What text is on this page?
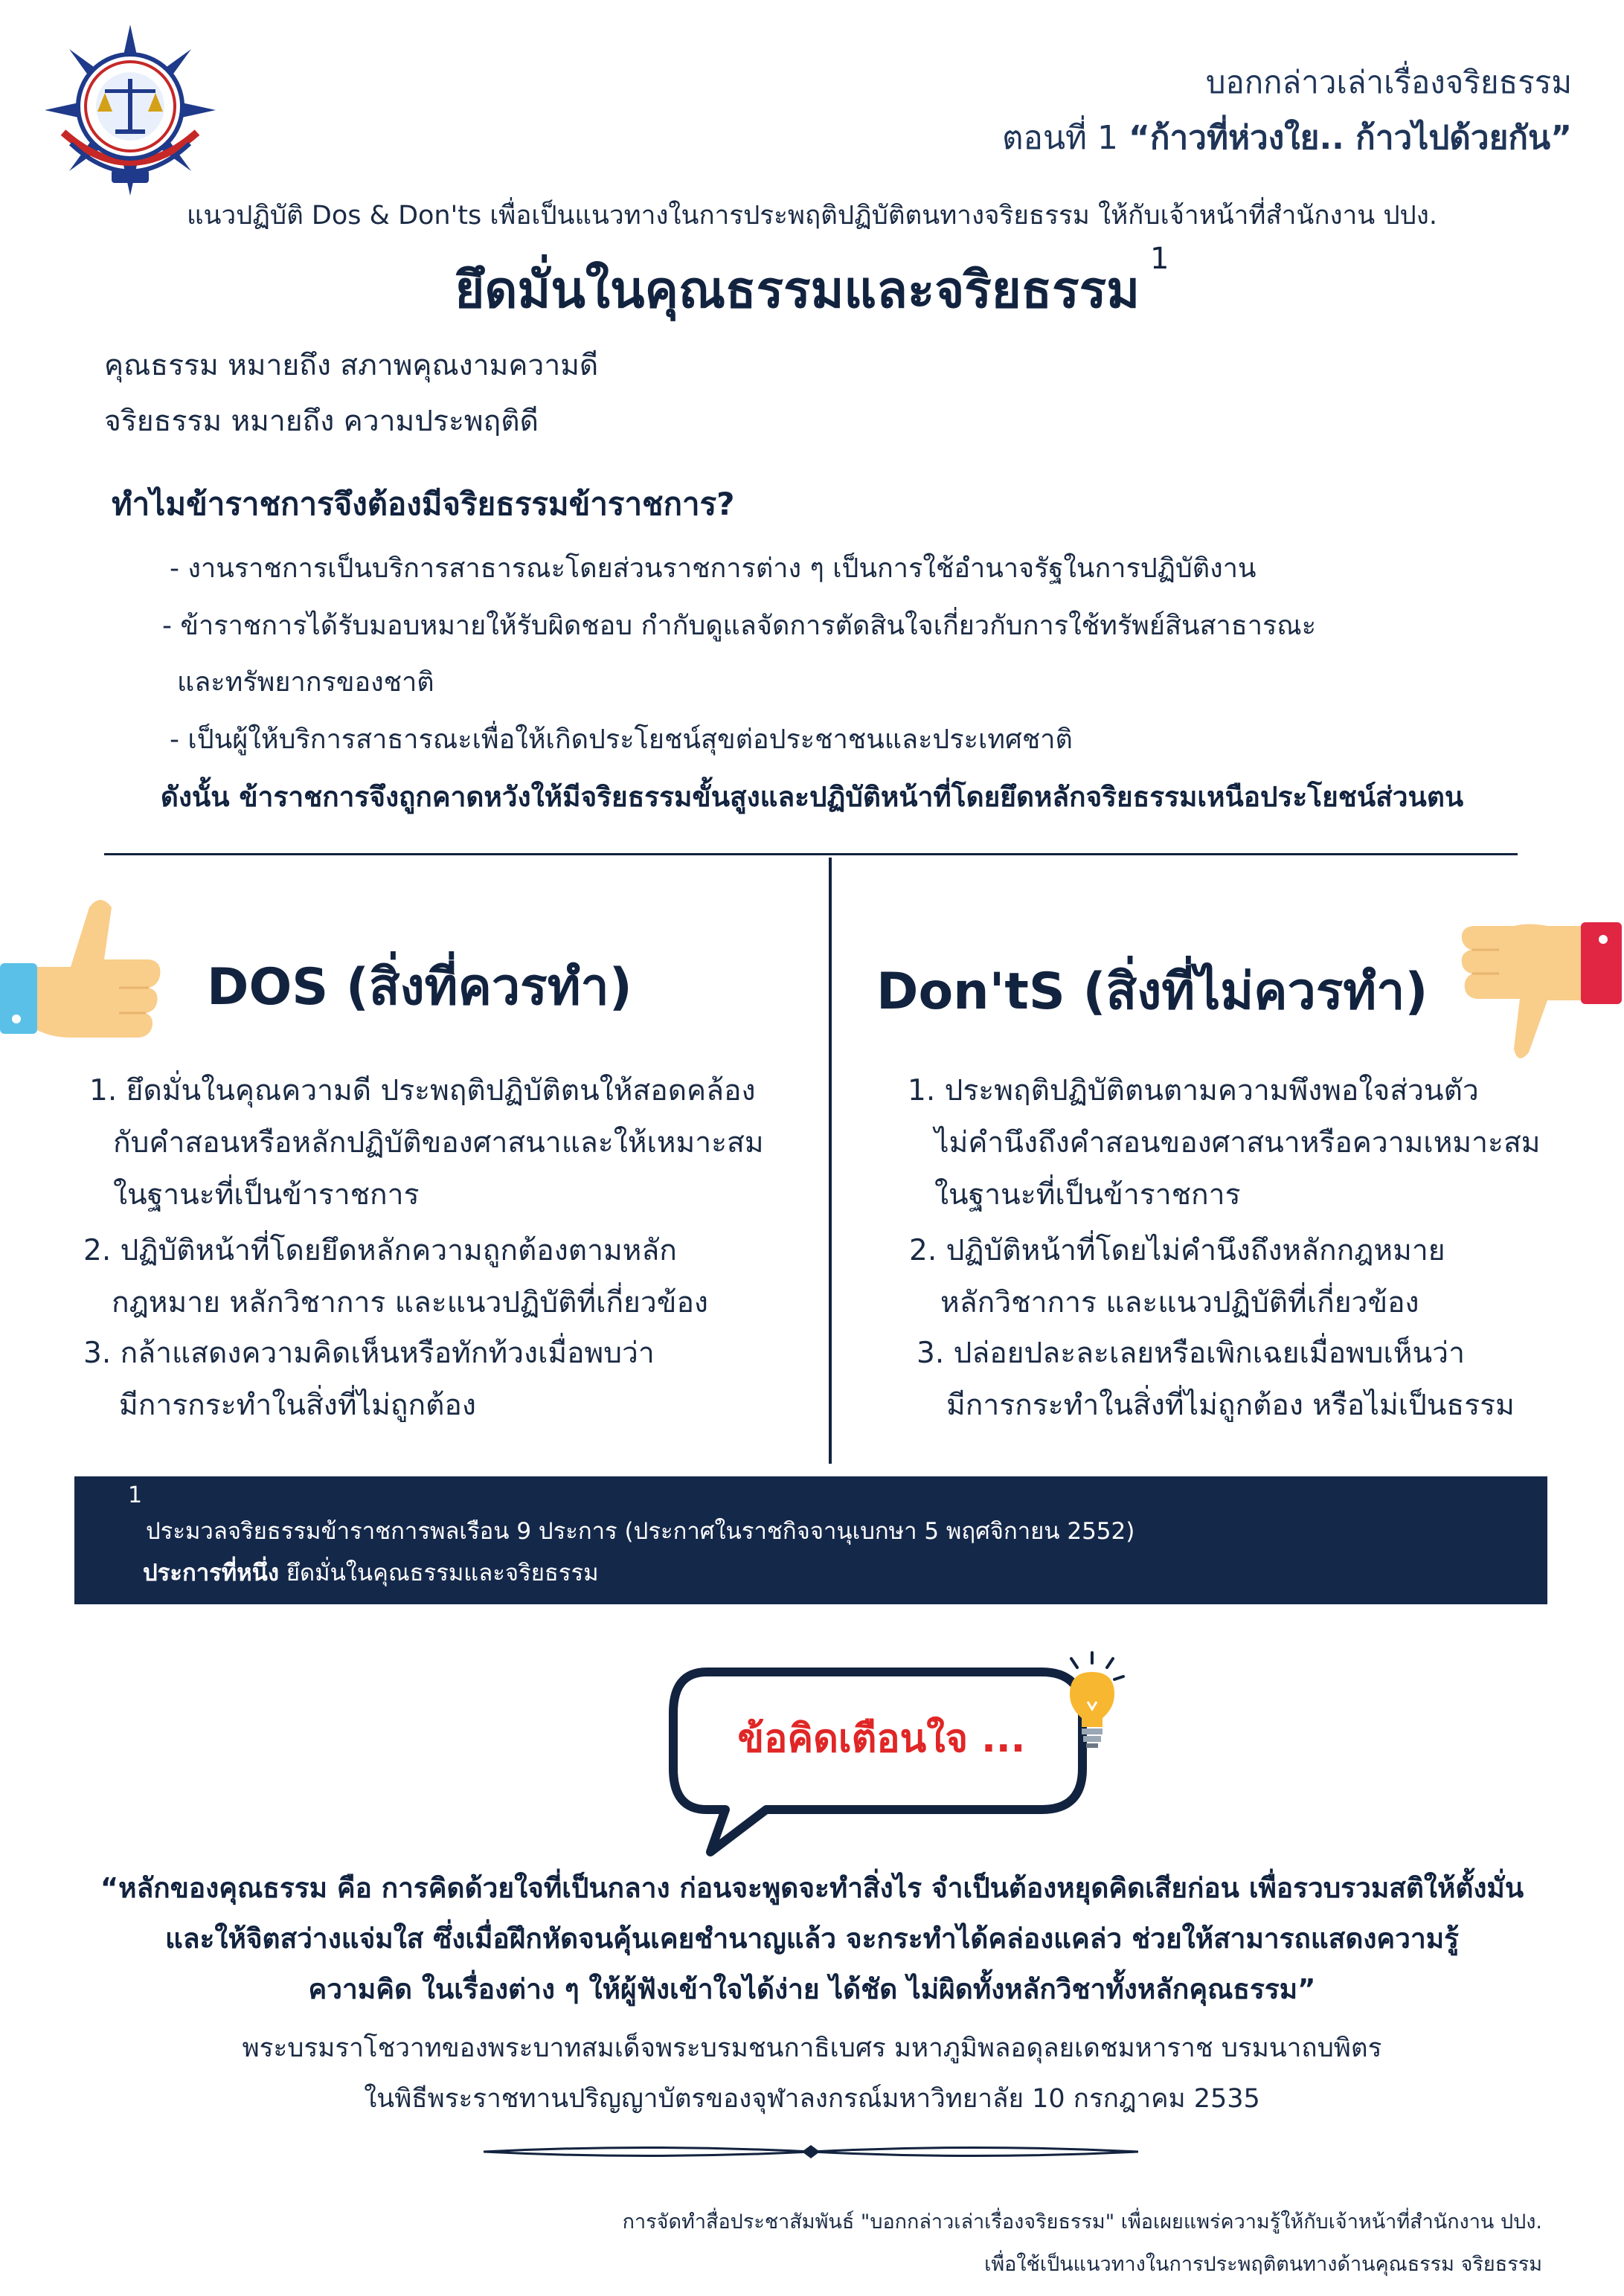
บอกกล่าวเล่าเรื่องจริยธรรม
ตอนที่ 1 “ก้าวที่ห่วงใย.. ก้าวไปด้วยกัน”
แนวปฏิบัติ Dos & Don'ts เพื่อเป็นแนวทางในการประพฤติปฏิบัติตนทางจริยธรรม ให้กับเจ้าหน้าที่สำนักงาน ปปง.
ยึดมั่นในคุณธรรมและจริยธรรม$^1$
คุณธรรม หมายถึง สภาพคุณงามความดี
จริยธรรม หมายถึง ความประพฤติดี
ทำไมข้าราชการจึงต้องมีจริยธรรมข้าราชการ?
- งานราชการเป็นบริการสาธารณะโดยส่วนราชการต่าง ๆ เป็นการใช้อำนาจรัฐในการปฏิบัติงาน
- ข้าราชการได้รับมอบหมายให้รับผิดชอบ กำกับดูแลจัดการตัดสินใจเกี่ยวกับการใช้ทรัพย์สินสาธารณะ
และทรัพยากรของชาติ
- เป็นผู้ให้บริการสาธารณะเพื่อให้เกิดประโยชน์สุขต่อประชาชนและประเทศชาติ
ดังนั้น ข้าราชการจึงถูกคาดหวังให้มีจริยธรรมขั้นสูงและปฏิบัติหน้าที่โดยยึดหลักจริยธรรมเหนือประโยชน์ส่วนตน
DOS (สิ่งที่ควรทำ)	Don'tS (สิ่งที่ไม่ควรทำ)
1. ยึดมั่นในคุณความดี ประพฤติปฏิบัติตนให้สอดคล้อง
กับคำสอนหรือหลักปฏิบัติของศาสนาและให้เหมาะสม
ในฐานะที่เป็นข้าราชการ
2. ปฏิบัติหน้าที่โดยยึดหลักความถูกต้องตามหลัก
กฎหมาย หลักวิชาการ และแนวปฏิบัติที่เกี่ยวข้อง
3. กล้าแสดงความคิดเห็นหรือทักท้วงเมื่อพบว่า
มีการกระทำในสิ่งที่ไม่ถูกต้อง
1. ประพฤติปฏิบัติตนตามความพึงพอใจส่วนตัว
ไม่คำนึงถึงคำสอนของศาสนาหรือความเหมาะสม
ในฐานะที่เป็นข้าราชการ
2. ปฏิบัติหน้าที่โดยไม่คำนึงถึงหลักกฎหมาย
หลักวิชาการ และแนวปฏิบัติที่เกี่ยวข้อง
3. ปล่อยปละละเลยหรือเพิกเฉยเมื่อพบเห็นว่า
มีการกระทำในสิ่งที่ไม่ถูกต้อง หรือไม่เป็นธรรม
1
ประมวลจริยธรรมข้าราชการพลเรือน 9 ประการ (ประกาศในราชกิจจานุเบกษา 5 พฤศจิกายน 2552)
ประการที่หนึ่ง ยึดมั่นในคุณธรรมและจริยธรรม
ข้อคิดเตือนใจ ...
“หลักของคุณธรรม คือ การคิดด้วยใจที่เป็นกลาง ก่อนจะพูดจะทำสิ่งไร จำเป็นต้องหยุดคิดเสียก่อน เพื่อรวบรวมสติให้ตั้งมั่น
และให้จิตสว่างแจ่มใส ซึ่งเมื่อฝึกหัดจนคุ้นเคยชำนาญแล้ว จะกระทำได้คล่องแคล่ว ช่วยให้สามารถแสดงความรู้
ความคิด ในเรื่องต่าง ๆ ให้ผู้ฟังเข้าใจได้ง่าย ได้ชัด ไม่ผิดทั้งหลักวิชาทั้งหลักคุณธรรม”
พระบรมราโชวาทของพระบาทสมเด็จพระบรมชนกาธิเบศร มหาภูมิพลอดุลยเดชมหาราช บรมนาถบพิตร
ในพิธีพระราชทานปริญญาบัตรของจุฬาลงกรณ์มหาวิทยาลัย 10 กรกฎาคม 2535
การจัดทำสื่อประชาสัมพันธ์ "บอกกล่าวเล่าเรื่องจริยธรรม" เพื่อเผยแพร่ความรู้ให้กับเจ้าหน้าที่สำนักงาน ปปง.
เพื่อใช้เป็นแนวทางในการประพฤติตนทางด้านคุณธรรม จริยธรรม
